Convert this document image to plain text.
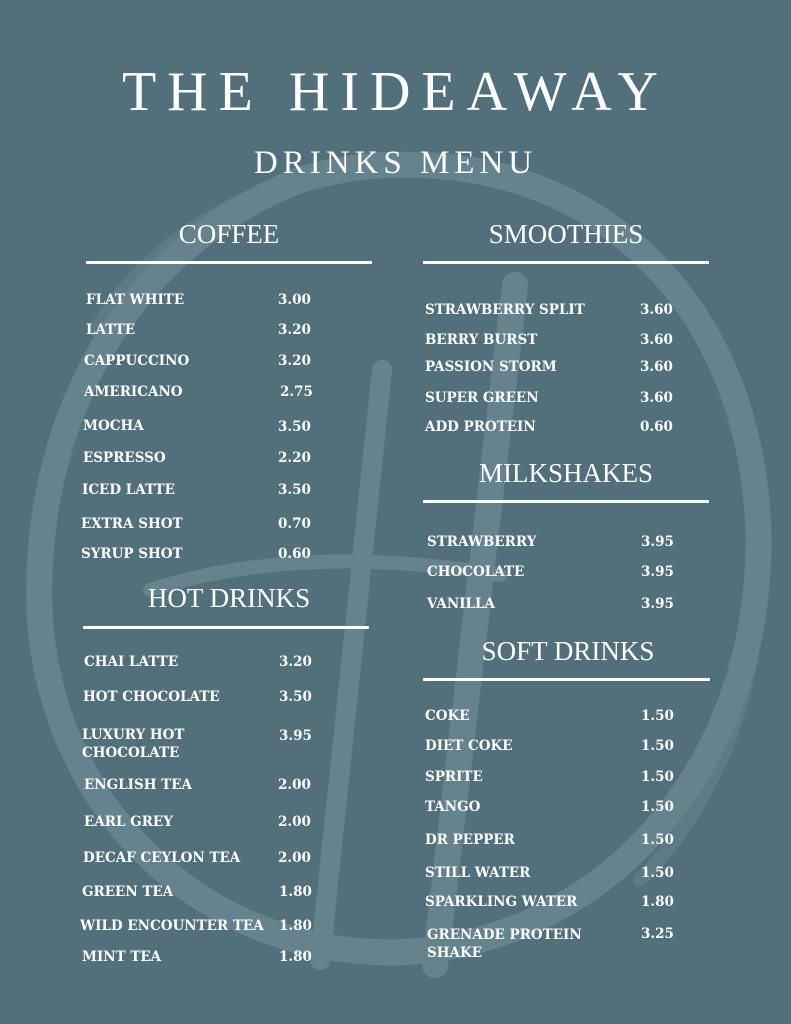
THE HIDEAWAY
DRINKS MENU
COFFEE
FLAT WHITE	3.00
LATTE	3.20
CAPPUCCINO	3.20
AMERICANO	2.75
MOCHA	3.50
ESPRESSO	2.20
ICED LATTE	3.50
EXTRA SHOT	0.70
SYRUP SHOT	0.60
HOT DRINKS
CHAI LATTE	3.20
HOT CHOCOLATE	3.50
LUXURY HOT
CHOCOLATE
3.95
ENGLISH TEA	2.00
EARL GREY	2.00
DECAF CEYLON TEA	2.00
GREEN TEA	1.80
WILD ENCOUNTER TEA 1.80
MINT TEA	1.80
SMOOTHIES
STRAWBERRY SPLIT	3.60
BERRY BURST	3.60
PASSION STORM	3.60
SUPER GREEN	3.60
ADD PROTEIN	0.60
MILKSHAKES
STRAWBERRY	3.95
CHOCOLATE	3.95
VANILLA	3.95
SOFT DRINKS
COKE	1.50
DIET COKE	1.50
SPRITE	1.50
TANGO	1.50
DR PEPPER	1.50
STILL WATER	1.50
SPARKLING WATER	1.80
GRENADE PROTEIN
SHAKE
3.25
